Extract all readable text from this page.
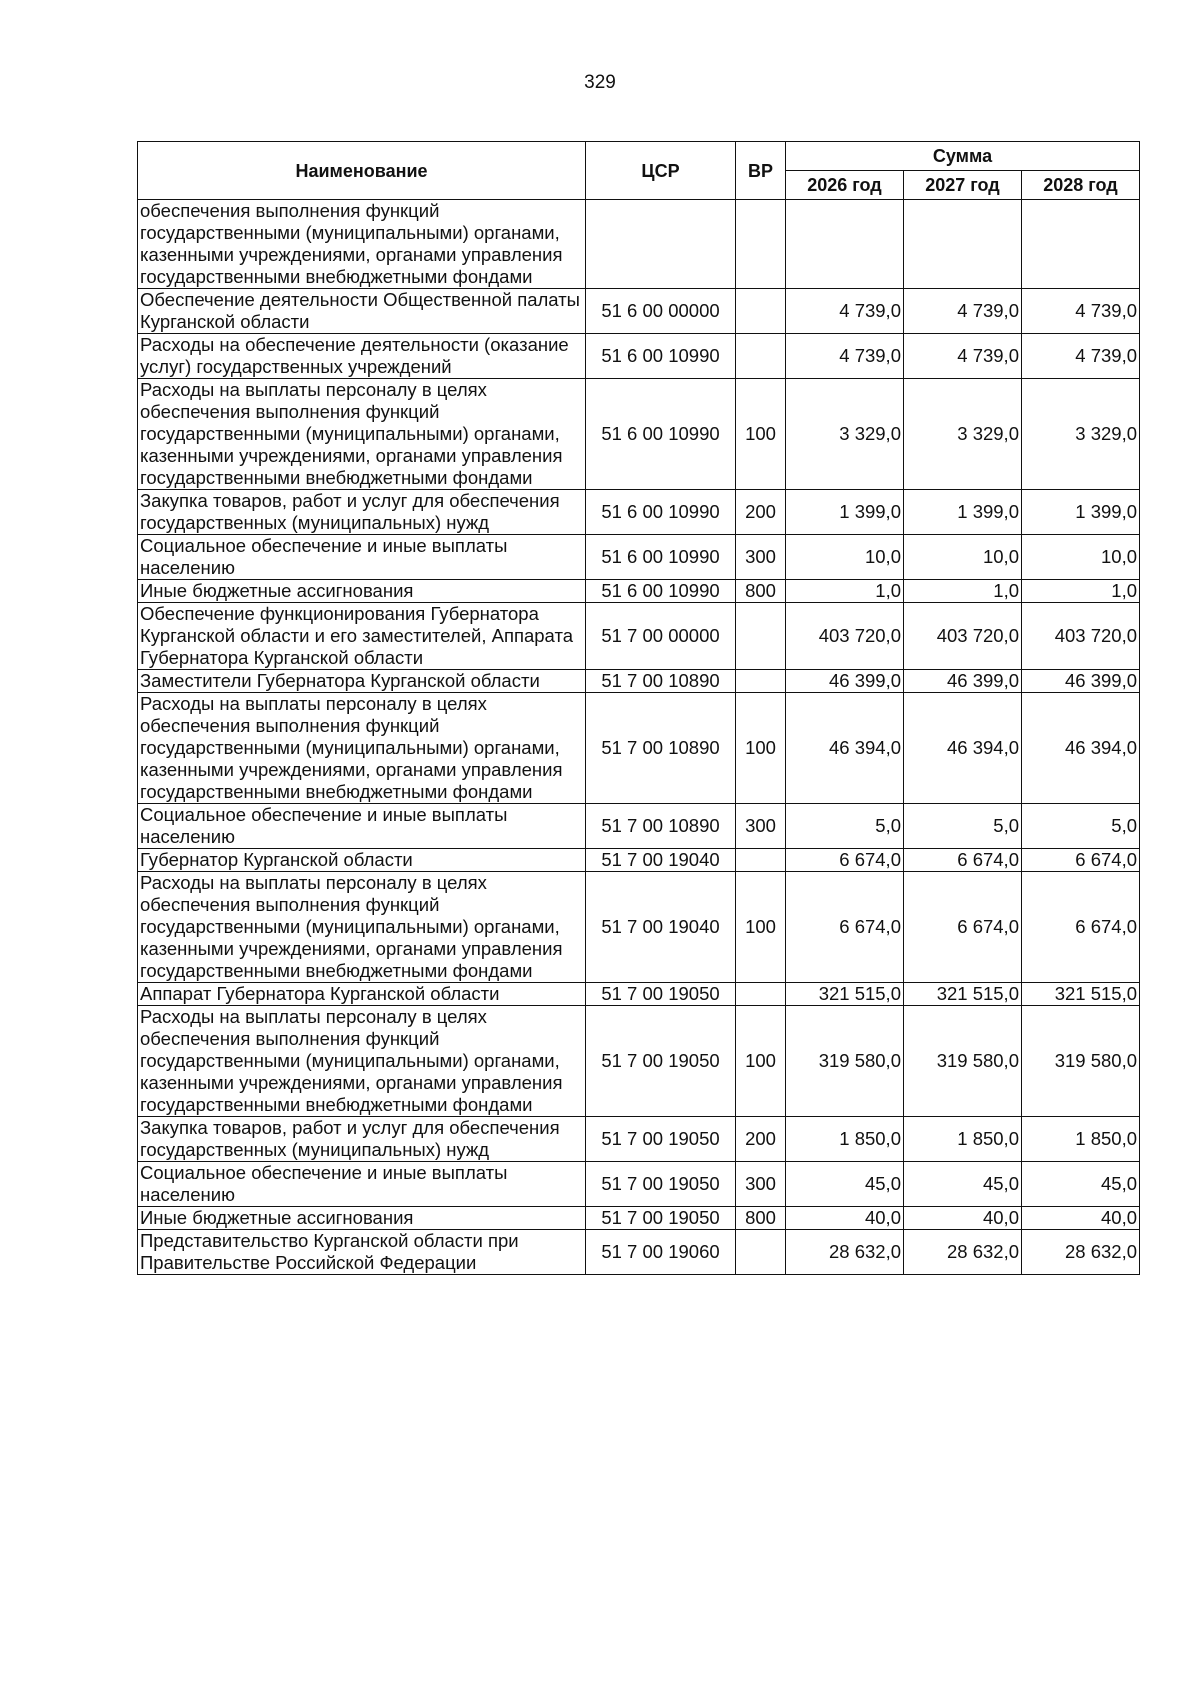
329
Наименование	ЦСР	ВР	Сумма		
			2026 год	2027 год	2028 год
обеспечения выполнения функций государственными (муниципальными) органами, казенными учреждениями, органами управления государственными внебюджетными фондами					
Обеспечение деятельности Общественной палаты Курганской области	51 6 00 00000		4 739,0	4 739,0	4 739,0
Расходы на обеспечение деятельности (оказание услуг) государственных учреждений	51 6 00 10990		4 739,0	4 739,0	4 739,0
Расходы на выплаты персоналу в целях обеспечения выполнения функций государственными (муниципальными) органами, казенными учреждениями, органами управления государственными внебюджетными фондами	51 6 00 10990	100	3 329,0	3 329,0	3 329,0
Закупка товаров, работ и услуг для обеспечения государственных (муниципальных) нужд	51 6 00 10990	200	1 399,0	1 399,0	1 399,0
Социальное обеспечение и иные выплаты населению	51 6 00 10990	300	10,0	10,0	10,0
Иные бюджетные ассигнования	51 6 00 10990	800	1,0	1,0	1,0
Обеспечение функционирования Губернатора Курганской области и его заместителей, Аппарата Губернатора Курганской области	51 7 00 00000		403 720,0	403 720,0	403 720,0
Заместители Губернатора Курганской области	51 7 00 10890		46 399,0	46 399,0	46 399,0
Расходы на выплаты персоналу в целях обеспечения выполнения функций государственными (муниципальными) органами, казенными учреждениями, органами управления государственными внебюджетными фондами	51 7 00 10890	100	46 394,0	46 394,0	46 394,0
Социальное обеспечение и иные выплаты населению	51 7 00 10890	300	5,0	5,0	5,0
Губернатор Курганской области	51 7 00 19040		6 674,0	6 674,0	6 674,0
Расходы на выплаты персоналу в целях обеспечения выполнения функций государственными (муниципальными) органами, казенными учреждениями, органами управления государственными внебюджетными фондами	51 7 00 19040	100	6 674,0	6 674,0	6 674,0
Аппарат Губернатора Курганской области	51 7 00 19050		321 515,0	321 515,0	321 515,0
Расходы на выплаты персоналу в целях обеспечения выполнения функций государственными (муниципальными) органами, казенными учреждениями, органами управления государственными внебюджетными фондами	51 7 00 19050	100	319 580,0	319 580,0	319 580,0
Закупка товаров, работ и услуг для обеспечения государственных (муниципальных) нужд	51 7 00 19050	200	1 850,0	1 850,0	1 850,0
Социальное обеспечение и иные выплаты населению	51 7 00 19050	300	45,0	45,0	45,0
Иные бюджетные ассигнования	51 7 00 19050	800	40,0	40,0	40,0
Представительство Курганской области при Правительстве Российской Федерации	51 7 00 19060		28 632,0	28 632,0	28 632,0
